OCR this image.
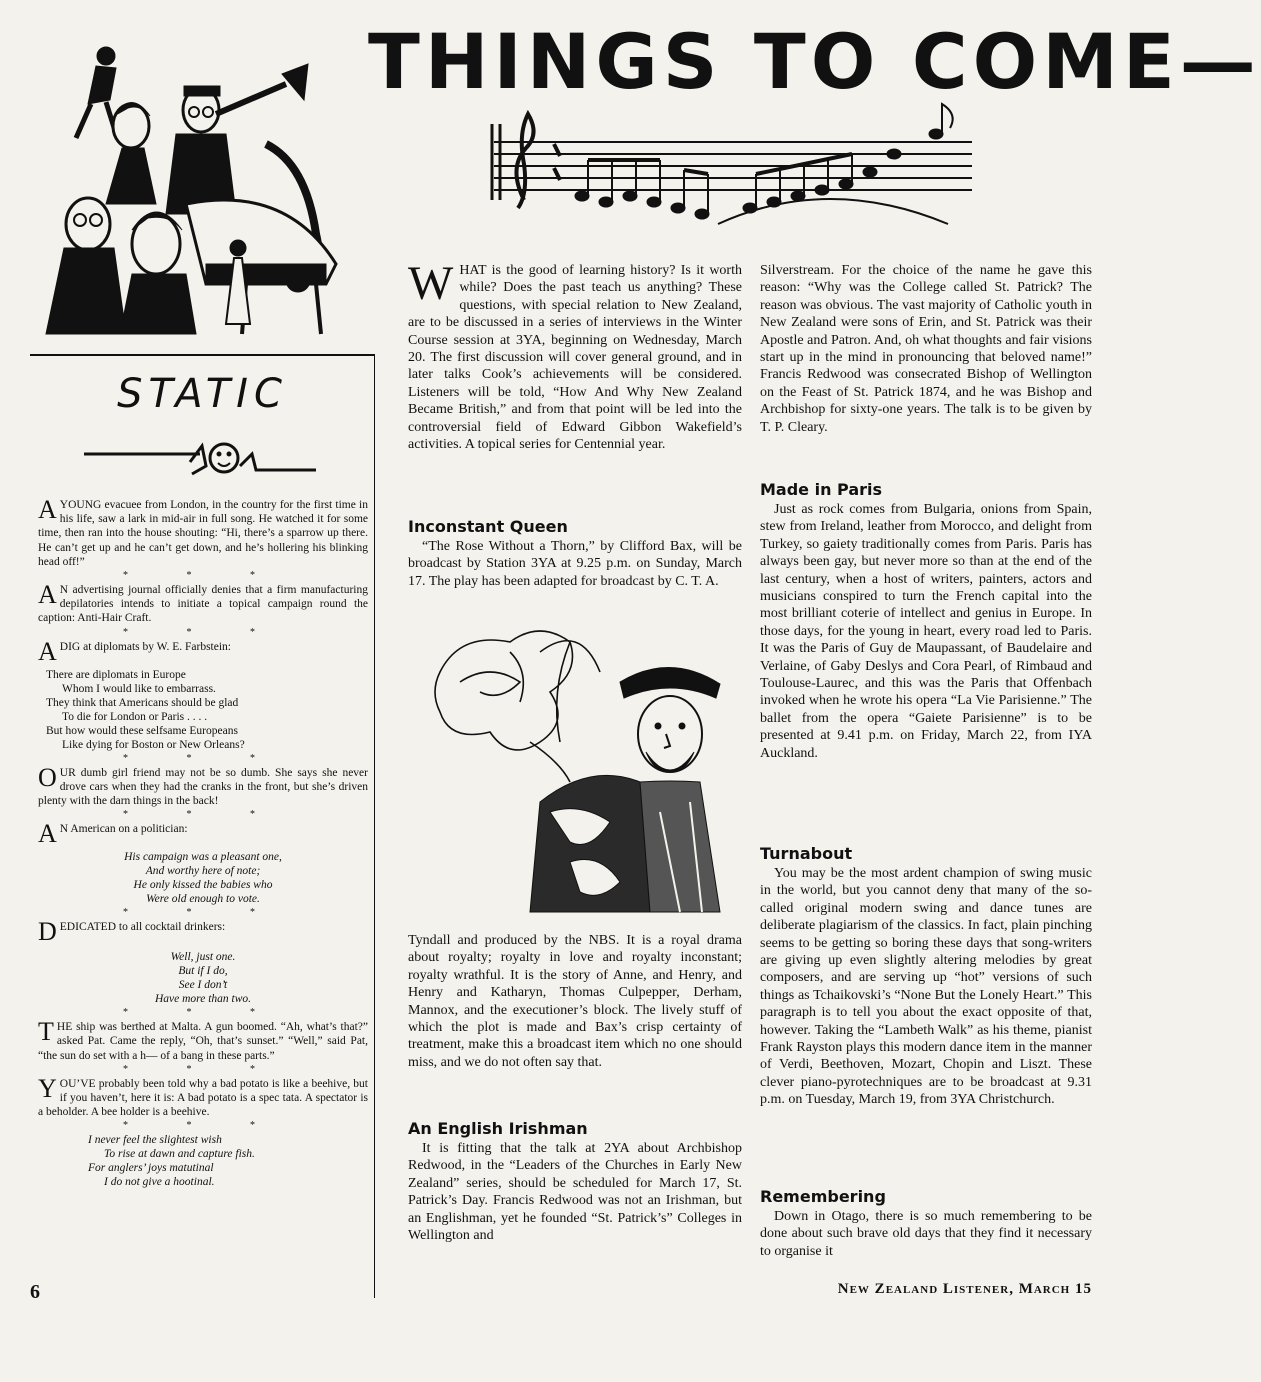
THINGS TO COME—
STATIC

AYOUNG evacuee from London, in the country for the first time in his life, saw a lark in mid-air in full song. He watched it for some time, then ran into the house shouting: “Hi, there’s a sparrow up there. He can’t get up and he can’t get down, and he’s hollering his blinking head off!”

* * *

A N advertising journal officially denies that a firm manufacturing depilatories intends to initiate a topical campaign round the caption: Anti-Hair Craft.

* * *

A DIG at diplomats by W. E. Farbstein:

There are diplomats in Europe
Whom I would like to embarrass.
They think that Americans should be glad
To die for London or Paris . . . .
But how would these selfsame Europeans
Like dying for Boston or New Orleans?
* * *

OUR dumb girl friend may not be so dumb. She says she never drove cars when they had the cranks in the front, but she’s driven plenty with the darn things in the back!

* * *

A N American on a politician:

His campaign was a pleasant one,
And worthy here of note;
He only kissed the babies who
Were old enough to vote.
* * *

DEDICATED to all cocktail drinkers:

Well, just one.
But if I do,
See I don’t
Have more than two.
* * *

THE ship was berthed at Malta. A gun boomed. “Ah, what’s that?” asked Pat. Came the reply, “Oh, that’s sunset.” “Well,” said Pat, “the sun do set with a h— of a bang in these parts.”

* * *

Y OU’VE probably been told why a bad potato is like a beehive, but if you haven’t, here it is: A bad potato is a spec tata. A spectator is a beholder. A bee holder is a beehive.

* * *
I never feel the slightest wish
To rise at dawn and capture fish.
For anglers’ joys matutinal
I do not give a hootinal.

WHAT is the good of learning history? Is it worth while? Does the past teach us anything? These questions, with special relation to New Zealand, are to be discussed in a series of interviews in the Winter Course session at 3YA, beginning on Wednesday, March 20. The first discussion will cover general ground, and in later talks Cook’s achievements will be considered. Listeners will be told, “How And Why New Zealand Became British,” and from that point will be led into the controversial field of Edward Gibbon Wakefield’s activities. A topical series for Centennial year.

Inconstant Queen

“The Rose Without a Thorn,” by Clifford Bax, will be broadcast by Station 3YA at 9.25 p.m. on Sunday, March 17. The play has been adapted for broadcast by C. T. A.

Tyndall and produced by the NBS. It is a royal drama about royalty; royalty in love and royalty inconstant; royalty wrathful. It is the story of Anne, and Henry, and Henry and Katharyn, Thomas Culpepper, Derham, Mannox, and the executioner’s block. The lively stuff of which the plot is made and Bax’s crisp certainty of treatment, make this a broadcast item which no one should miss, and we do not often say that.

An English Irishman

It is fitting that the talk at 2YA about Archbishop Redwood, in the “Leaders of the Churches in Early New Zealand” series, should be scheduled for March 17, St. Patrick’s Day. Francis Redwood was not an Irishman, but an Englishman, yet he founded “St. Patrick’s” Colleges in Wellington and

Silverstream. For the choice of the name he gave this reason: “Why was the College called St. Patrick? The reason was obvious. The vast majority of Catholic youth in New Zealand were sons of Erin, and St. Patrick was their Apostle and Patron. And, oh what thoughts and fair visions start up in the mind in pronouncing that beloved name!” Francis Redwood was consecrated Bishop of Wellington on the Feast of St. Patrick 1874, and he was Bishop and Archbishop for sixty-one years. The talk is to be given by T. P. Cleary.

Made in Paris

Just as rock comes from Bulgaria, onions from Spain, stew from Ireland, leather from Morocco, and delight from Turkey, so gaiety traditionally comes from Paris. Paris has always been gay, but never more so than at the end of the last century, when a host of writers, painters, actors and musicians conspired to turn the French capital into the most brilliant coterie of intellect and genius in Europe. In those days, for the young in heart, every road led to Paris. It was the Paris of Guy de Maupassant, of Baudelaire and Verlaine, of Gaby Deslys and Cora Pearl, of Rimbaud and Toulouse-Laurec, and this was the Paris that Offenbach invoked when he wrote his opera “La Vie Parisienne.” The ballet from the opera “Gaiete Parisienne” is to be presented at 9.41 p.m. on Friday, March 22, from IYA Auckland.

Turnabout

You may be the most ardent champion of swing music in the world, but you cannot deny that many of the so-called original modern swing and dance tunes are deliberate plagiarism of the classics. In fact, plain pinching seems to be getting so boring these days that song-writers are giving up even slightly altering melodies by great composers, and are serving up “hot” versions of such things as Tchaikovski’s “None But the Lonely Heart.” This paragraph is to tell you about the exact opposite of that, however. Taking the “Lambeth Walk” as his theme, pianist Frank Rayston plays this modern dance item in the manner of Verdi, Beethoven, Mozart, Chopin and Liszt. These clever piano-pyrotechniques are to be broadcast at 9.31 p.m. on Tuesday, March 19, from 3YA Christchurch.

Remembering

Down in Otago, there is so much remembering to be done about such brave old days that they find it necessary to organise it

6	New Zealand Listener, March 15
